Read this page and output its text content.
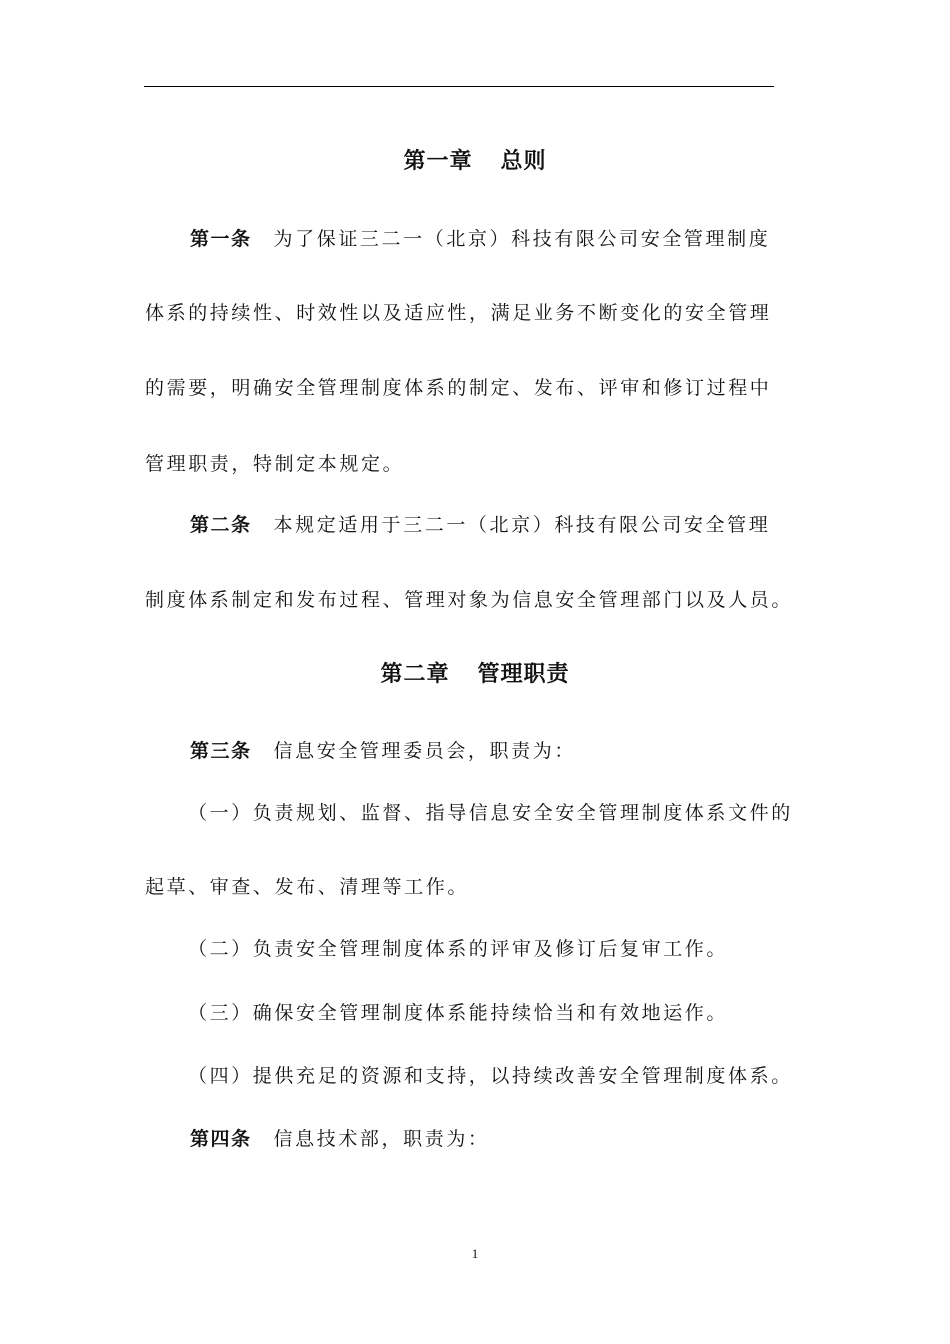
第一章 总则
第一条 为了保证三二一（北京）科技有限公司安全管理制度
体系的持续性、时效性以及适应性，满足业务不断变化的安全管理
的需要，明确安全管理制度体系的制定、发布、评审和修订过程中
管理职责，特制定本规定。
第二条 本规定适用于三二一（北京）科技有限公司安全管理
制度体系制定和发布过程、管理对象为信息安全管理部门以及人员。
第二章 管理职责
第三条 信息安全管理委员会，职责为：
（一）负责规划、监督、指导信息安全安全管理制度体系文件的
起草、审查、发布、清理等工作。
（二）负责安全管理制度体系的评审及修订后复审工作。
（三）确保安全管理制度体系能持续恰当和有效地运作。
（四）提供充足的资源和支持，以持续改善安全管理制度体系。
第四条 信息技术部，职责为：
1
